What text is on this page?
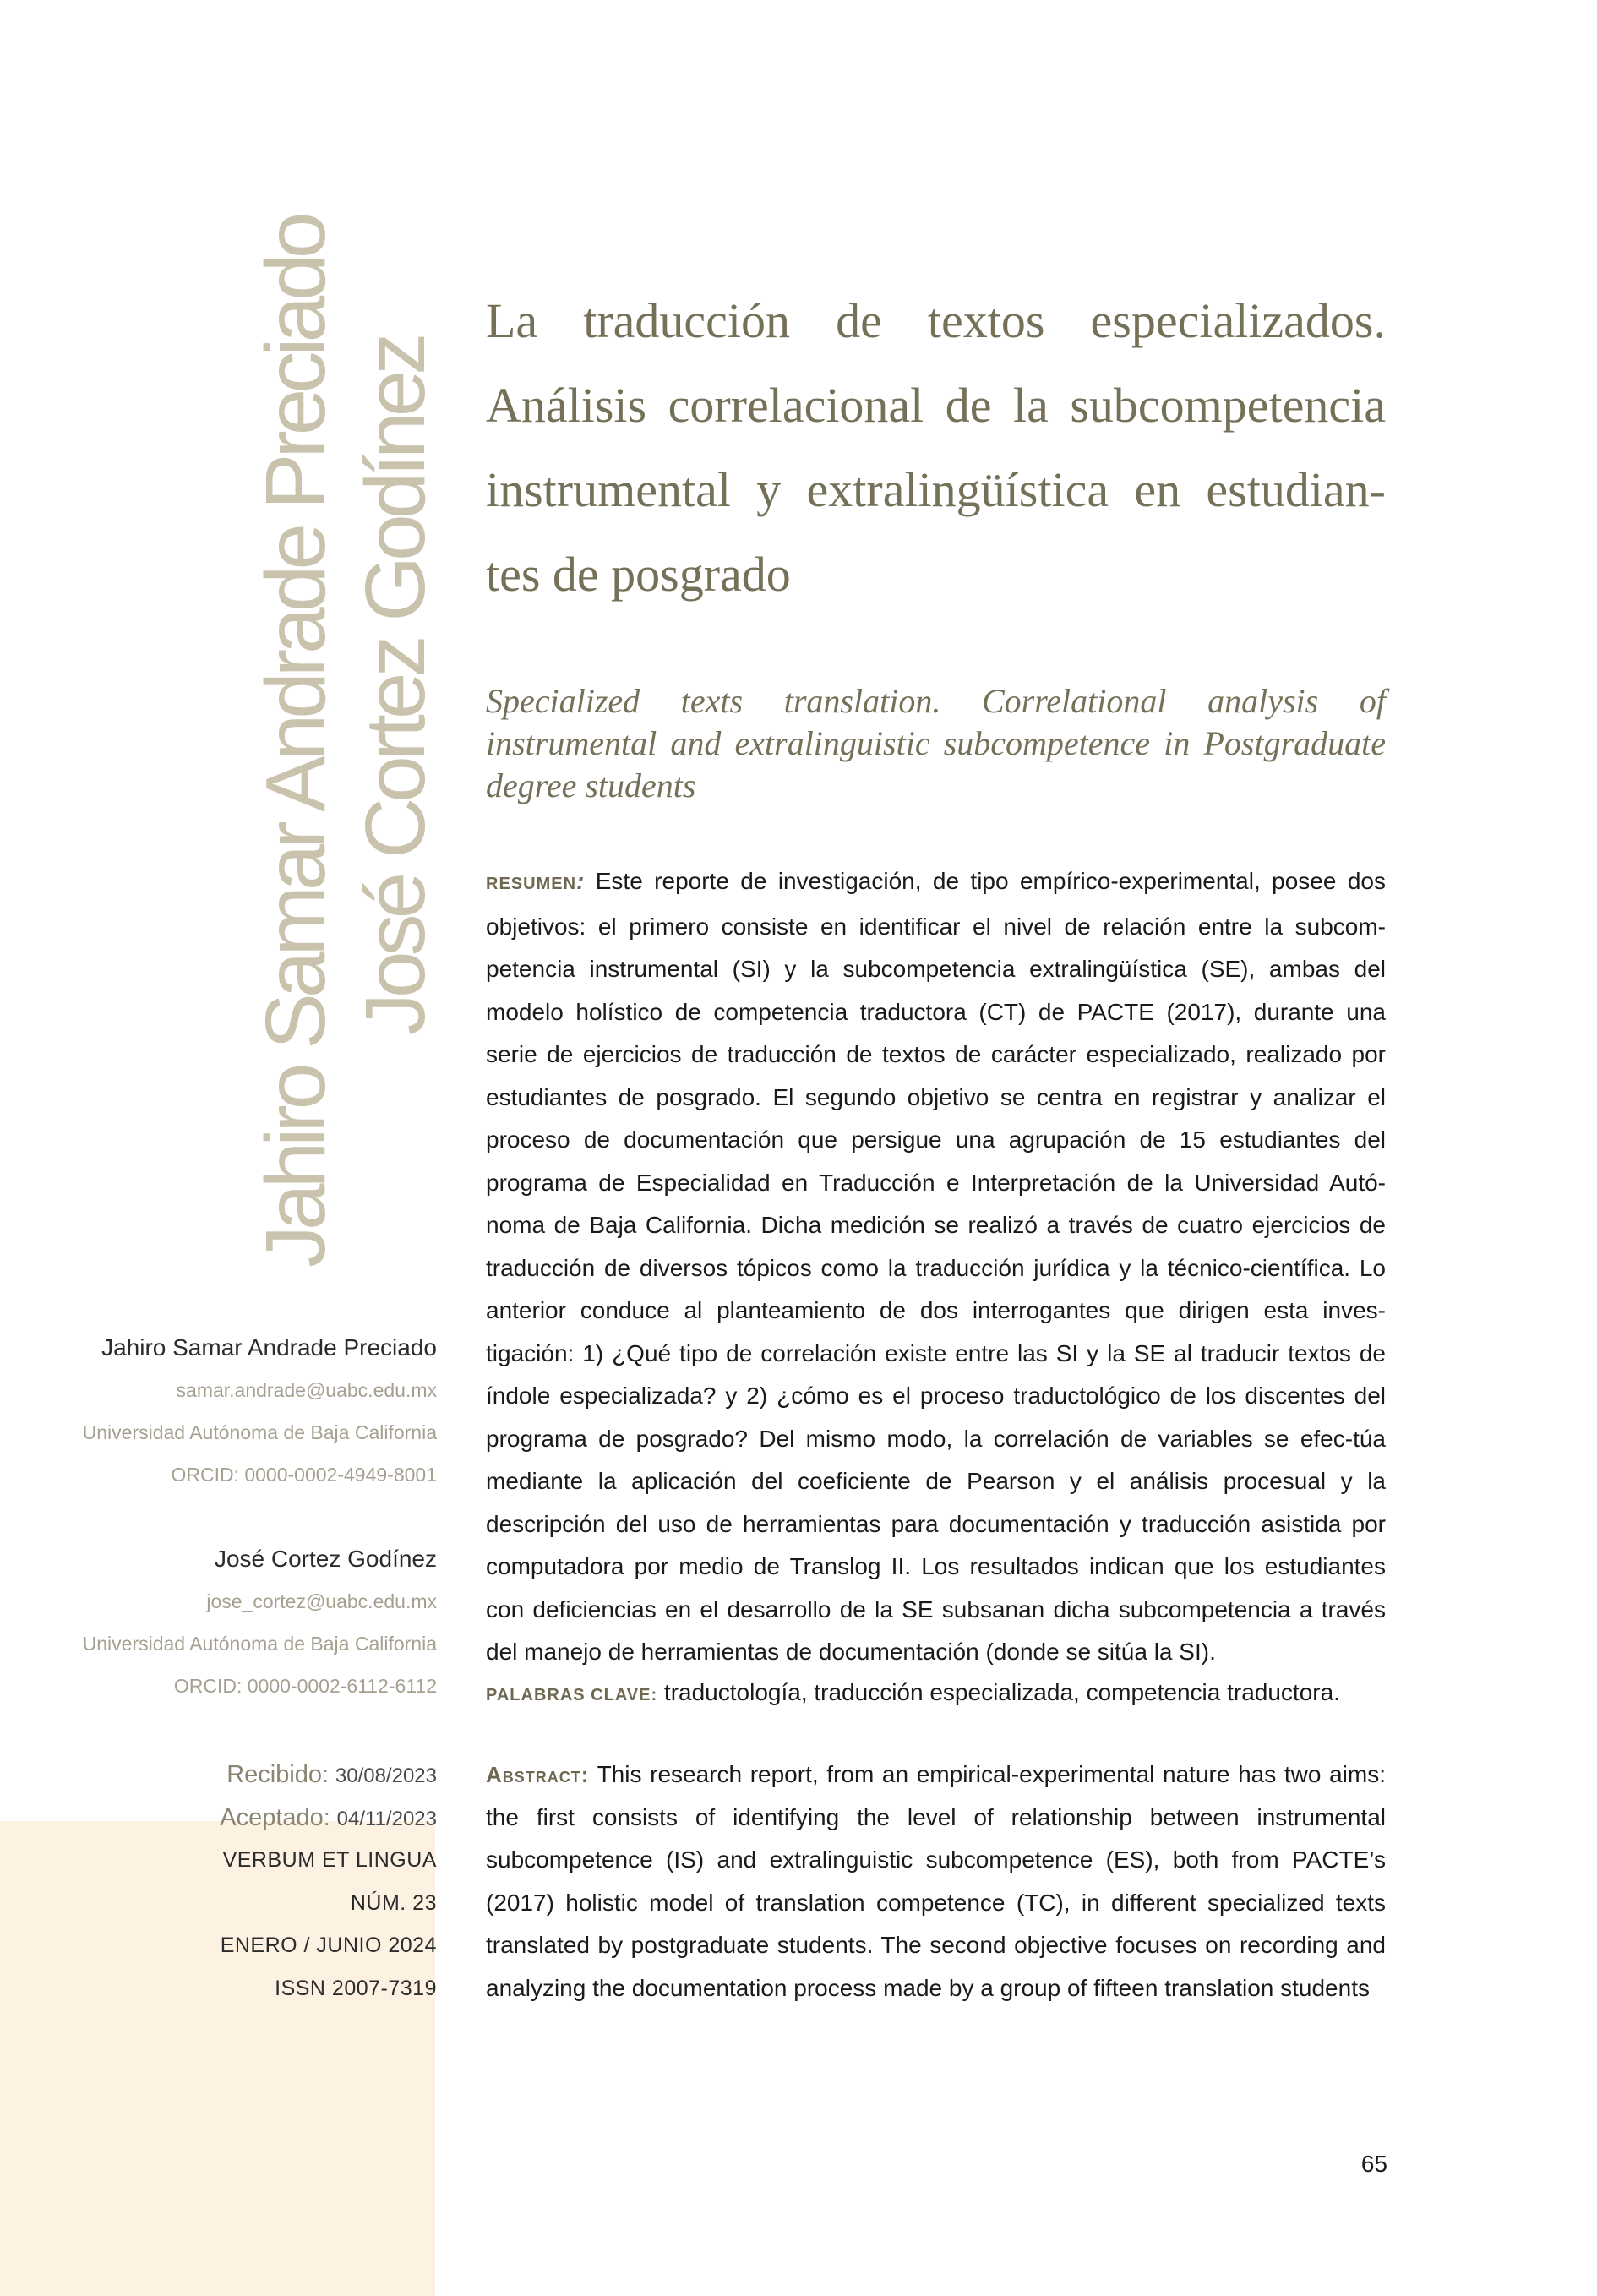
Jahiro Samar Andrade Preciado José Cortez Godínez
La traducción de textos especializados. Análisis correlacional de la subcompetencia instrumental y extralingüística en estudian-tes de posgrado
Specialized texts translation. Correlational analysis of instrumental and extralinguistic subcompetence in Postgraduate degree students
Jahiro Samar Andrade Preciado
samar.andrade@uabc.edu.mx
Universidad Autónoma de Baja California
ORCID: 0000-0002-4949-8001
José Cortez Godínez
jose_cortez@uabc.edu.mx
Universidad Autónoma de Baja California
ORCID: 0000-0002-6112-6112
Recibido: 30/08/2023
Aceptado: 04/11/2023
VERBUM ET LINGUA
NÚM. 23
ENERO / JUNIO 2024
ISSN 2007-7319

RESUMEN: Este reporte de investigación, de tipo empírico-experimental, posee dos objetivos: el primero consiste en identificar el nivel de relación entre la subcom-petencia instrumental (SI) y la subcompetencia extralingüística (SE), ambas del modelo holístico de competencia traductora (CT) de PACTE (2017), durante una serie de ejercicios de traducción de textos de carácter especializado, realizado por estudiantes de posgrado. El segundo objetivo se centra en registrar y analizar el proceso de documentación que persigue una agrupación de 15 estudiantes del programa de Especialidad en Traducción e Interpretación de la Universidad Autó-noma de Baja California. Dicha medición se realizó a través de cuatro ejercicios de traducción de diversos tópicos como la traducción jurídica y la técnico-científica. Lo anterior conduce al planteamiento de dos interrogantes que dirigen esta inves-tigación: 1) ¿Qué tipo de correlación existe entre las SI y la SE al traducir textos de índole especializada? y 2) ¿cómo es el proceso traductológico de los discentes del programa de posgrado? Del mismo modo, la correlación de variables se efec-túa mediante la aplicación del coeficiente de Pearson y el análisis procesual y la descripción del uso de herramientas para documentación y traducción asistida por computadora por medio de Translog II. Los resultados indican que los estudiantes con deficiencias en el desarrollo de la SE subsanan dicha subcompetencia a través del manejo de herramientas de documentación (donde se sitúa la SI).

PALABRAS CLAVE: traductología, traducción especializada, competencia traductora.

Abstract: This research report, from an empirical-experimental nature has two aims: the first consists of identifying the level of relationship between instrumental subcompetence (IS) and extralinguistic subcompetence (ES), both from PACTE’s (2017) holistic model of translation competence (TC), in different specialized texts translated by postgraduate students. The second objective focuses on recording and analyzing the documentation process made by a group of fifteen translation students

65
